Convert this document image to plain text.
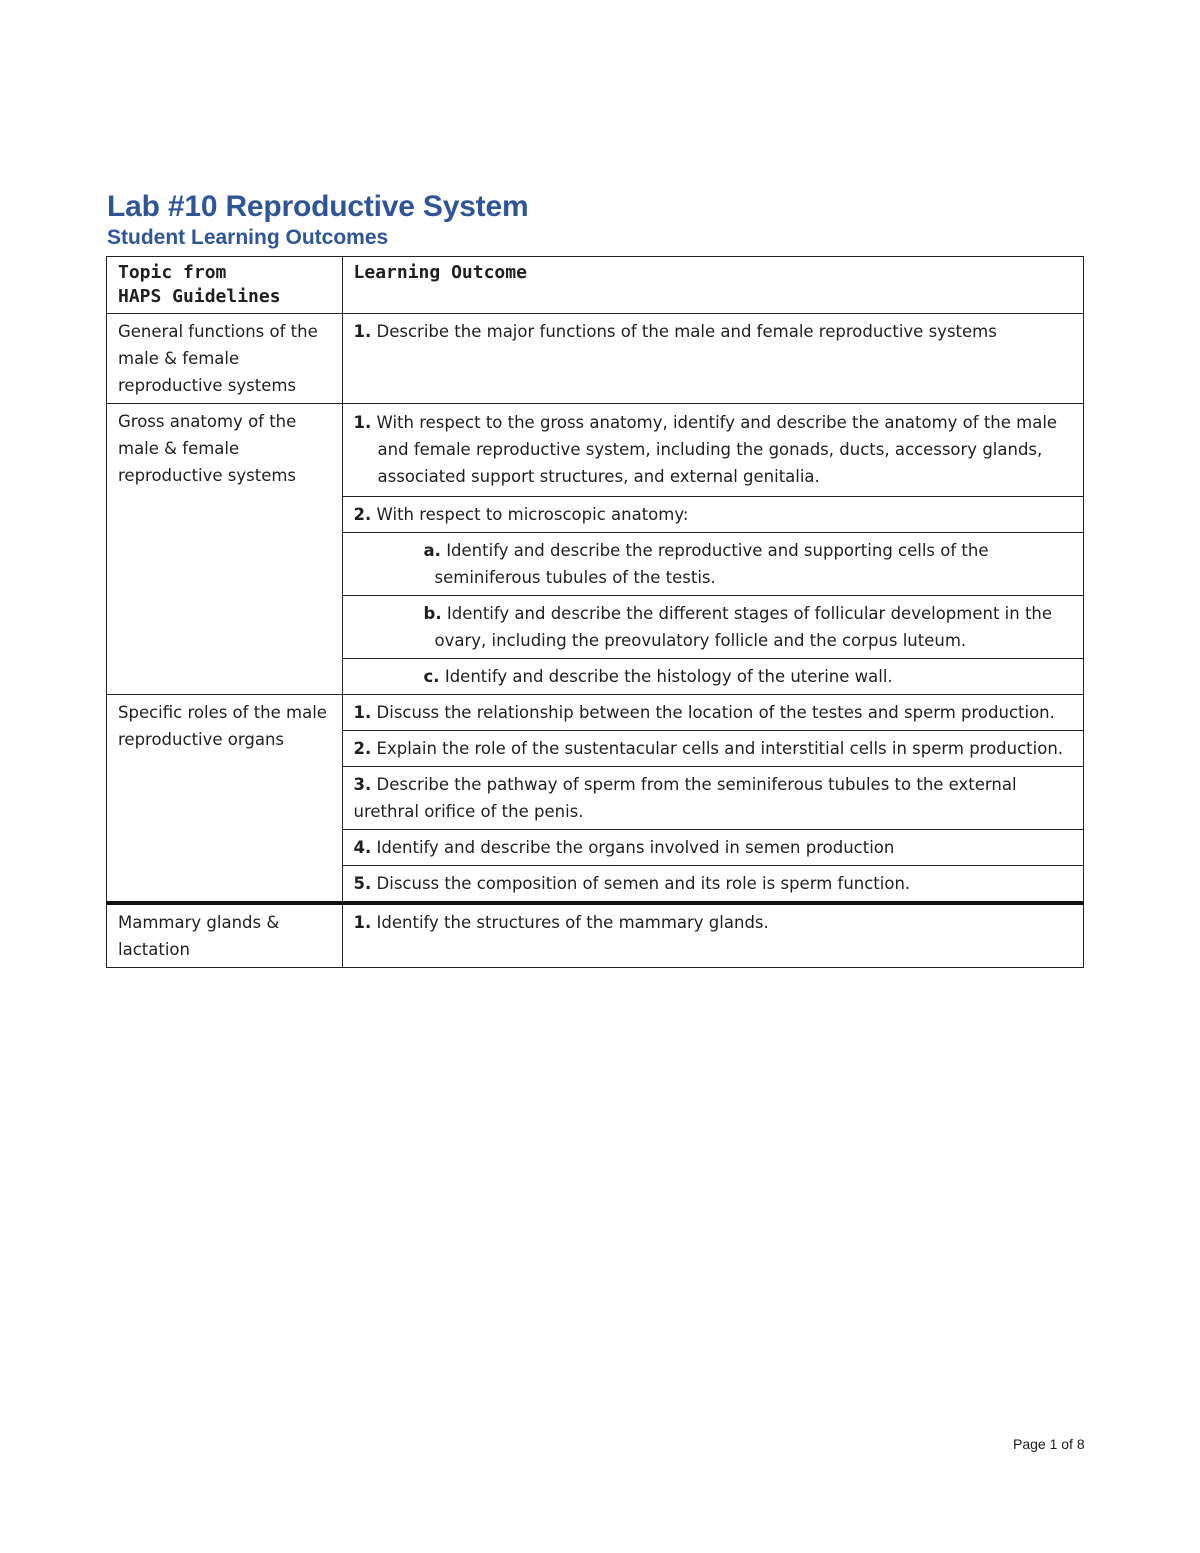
Lab #10 Reproductive System
Student Learning Outcomes
Topic from
HAPS Guidelines	Learning Outcome
General functions of the male & female reproductive systems	1. Describe the major functions of the male and female reproductive systems
Gross anatomy of the male & female reproductive systems	1. With respect to the gross anatomy, identify and describe the anatomy of the male and female reproductive system, including the gonads, ducts, accessory glands, associated support structures, and external genitalia.

	2. With respect to microscopic anatomy:

	a. Identify and describe the reproductive and supporting cells of the seminiferous tubules of the testis.

	b. Identify and describe the different stages of follicular development in the ovary, including the preovulatory follicle and the corpus luteum.

	c. Identify and describe the histology of the uterine wall.

Specific roles of the male reproductive organs	1. Discuss the relationship between the location of the testes and sperm production.
	2. Explain the role of the sustentacular cells and interstitial cells in sperm production.
	3. Describe the pathway of sperm from the seminiferous tubules to the external urethral orifice of the penis.
	4. Identify and describe the organs involved in semen production
	5. Discuss the composition of semen and its role is sperm function.
Mammary glands & lactation	1. Identify the structures of the mammary glands.
Page 1 of 8
